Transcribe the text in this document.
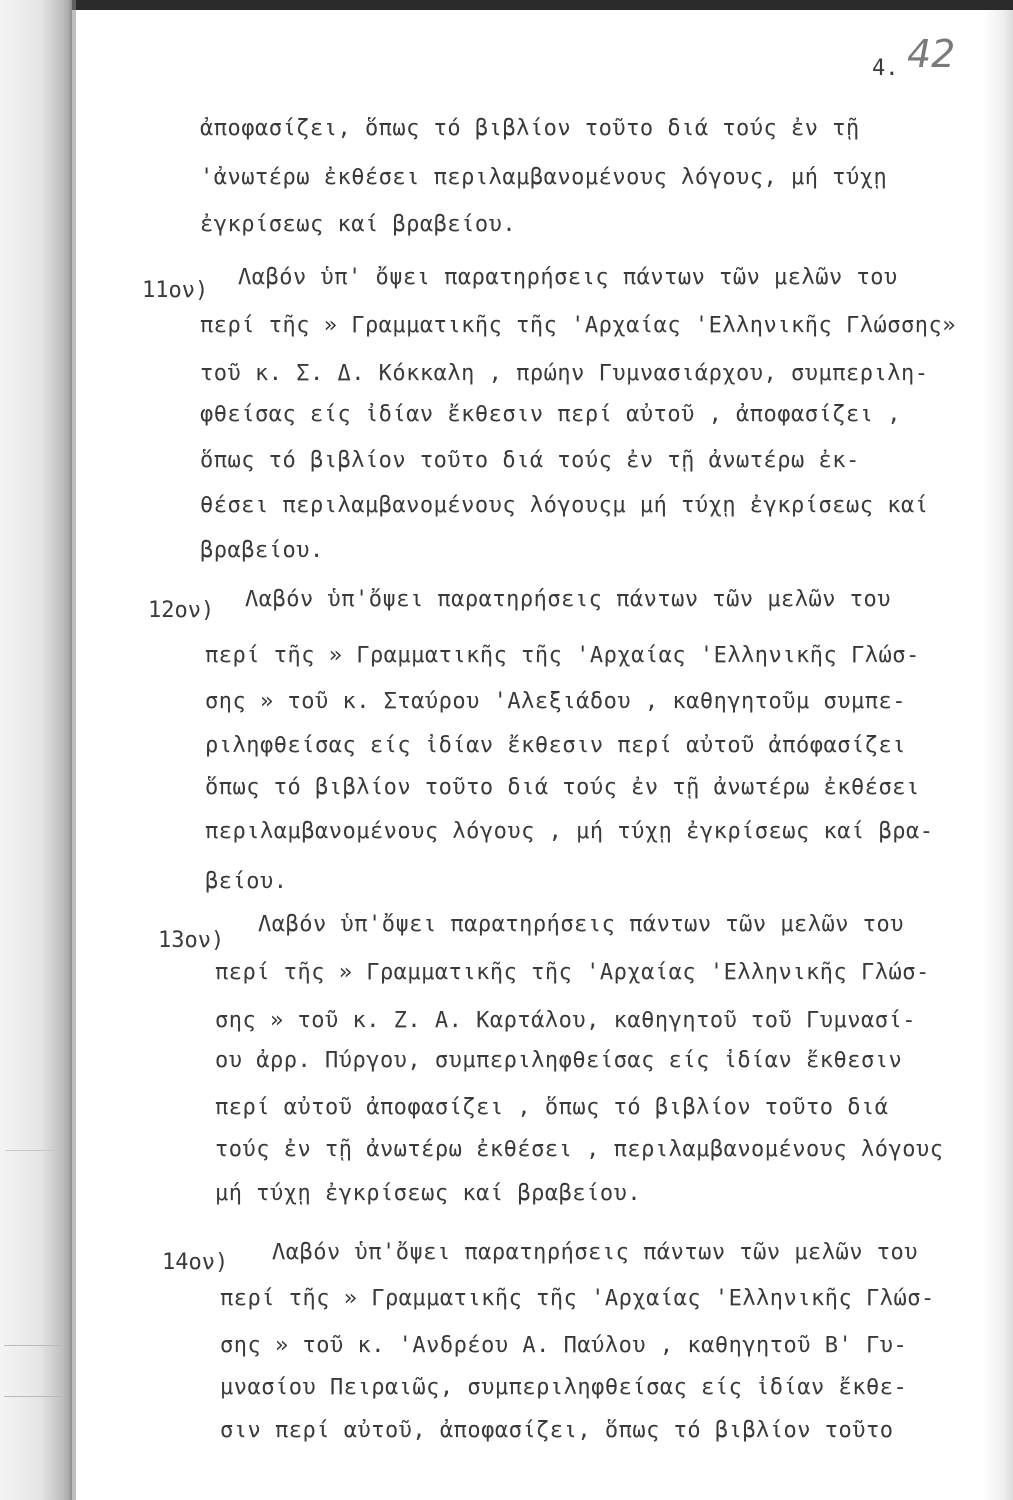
4. 42
ἀποφασίζει, ὅπως τό βιβλίον τοῦτο διά τούς ἐν τῇ
'ἀνωτέρω ἐκθέσει περιλαμβανομένους λόγους, μή τύχῃ
ἐγκρίσεως καί βραβείου.
11ον)
Λαβόν ὑπ' ὄψει παρατηρήσεις πάντων τῶν μελῶν του
περί τῆς » Γραμματικῆς τῆς 'Αρχαίας 'Ελληνικῆς Γλώσσης»
τοῦ κ. Σ. Δ. Κόκκαλη , πρώην Γυμνασιάρχου, συμπεριλη-
φθείσας είς ἰδίαν ἔκθεσιν περί αὐτοῦ , ἀποφασίζει ,
ὅπως τό βιβλίον τοῦτο διά τούς ἐν τῇ ἀνωτέρω ἐκ-
θέσει περιλαμβανομένους λόγουςμ μή τύχῃ ἐγκρίσεως καί
βραβείου.
12ον) Λαβόν ὑπ'ὄψει παρατηρήσεις πάντων τῶν μελῶν του
περί τῆς » Γραμματικῆς τῆς 'Αρχαίας 'Ελληνικῆς Γλώσ-
σης » τοῦ κ. Σταύρου 'Αλεξιάδου , καθηγητοῦμ συμπε-
ριληφθείσας είς ἰδίαν ἔκθεσιν περί αὐτοῦ ἀπόφασίζει
ὅπως τό βιβλίον τοῦτο διά τούς ἐν τῇ ἀνωτέρω ἐκθέσει
περιλαμβανομένους λόγους , μή τύχῃ ἐγκρίσεως καί βρα-
βείου.
13ον)
Λαβόν ὑπ'ὄψει παρατηρήσεις πάντων τῶν μελῶν του
περί τῆς » Γραμματικῆς τῆς 'Αρχαίας 'Ελληνικῆς Γλώσ-
σης » τοῦ κ. Ζ. Α. Καρτάλου, καθηγητοῦ τοῦ Γυμνασί-
ου ἀρρ. Πύργου, συμπεριληφθείσας είς ἰδίαν ἔκθεσιν
περί αὐτοῦ ἀποφασίζει , ὅπως τό βιβλίον τοῦτο διά
τούς ἐν τῇ ἀνωτέρω ἐκθέσει , περιλαμβανομένους λόγους
μή τύχῃ ἐγκρίσεως καί βραβείου.
14ον) Λαβόν ὑπ'ὄψει παρατηρήσεις πάντων τῶν μελῶν του
περί τῆς » Γραμματικῆς τῆς 'Αρχαίας 'Ελληνικῆς Γλώσ-
σης » τοῦ κ. 'Ανδρέου Α. Παύλου , καθηγητοῦ Β' Γυ-
μνασίου Πειραιῶς, συμπεριληφθείσας είς ἰδίαν ἔκθε-
σιν περί αὐτοῦ, ἀποφασίζει, ὅπως τό βιβλίον τοῦτο
